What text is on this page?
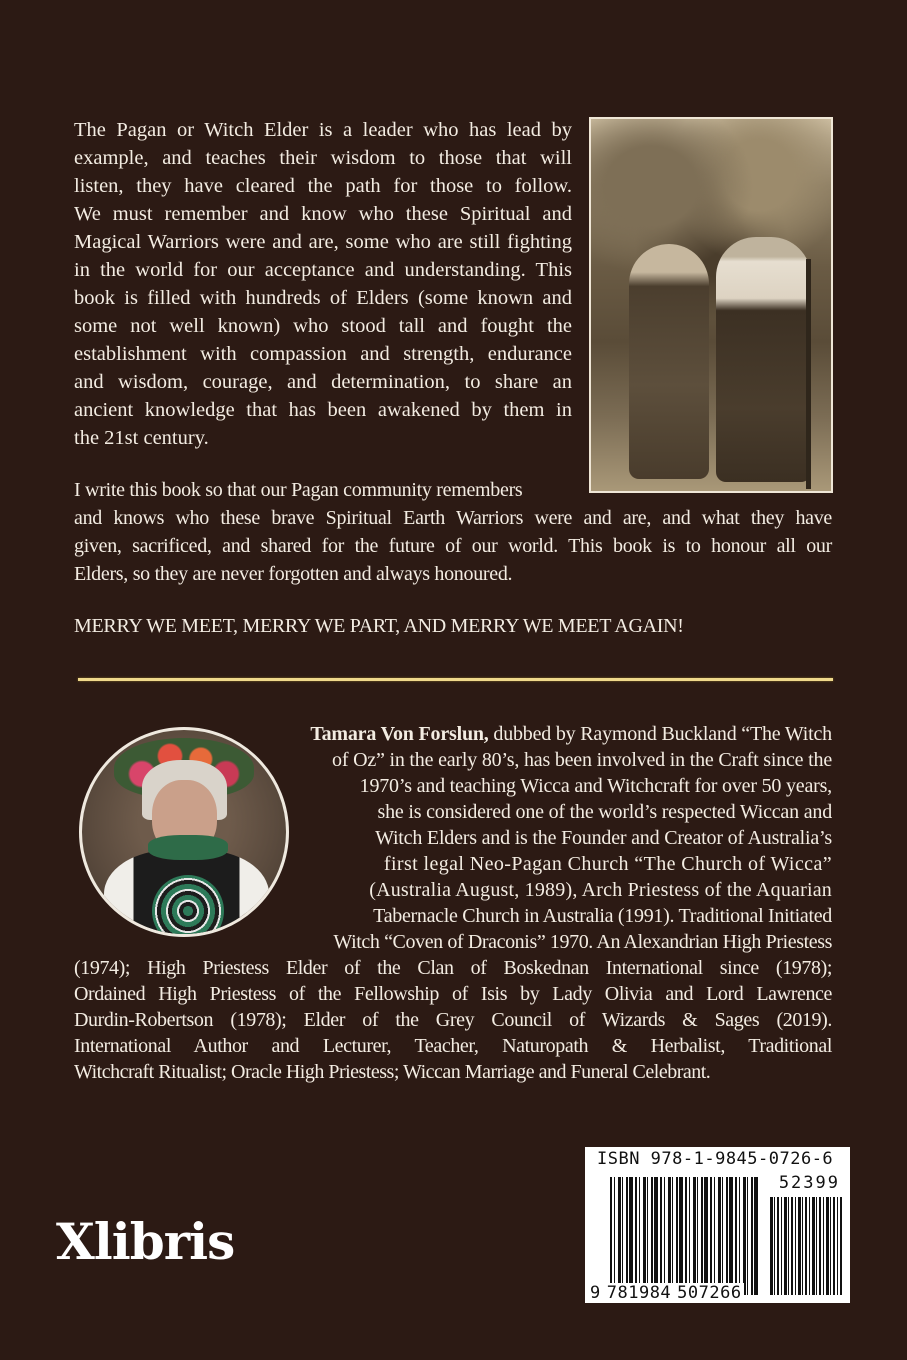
The Pagan or Witch Elder is a leader who has lead by
example, and teaches their wisdom to those that will
listen, they have cleared the path for those to follow.
We must remember and know who these Spiritual and
Magical Warriors were and are, some who are still fighting
in the world for our acceptance and understanding. This
book is filled with hundreds of Elders (some known and
some not well known) who stood tall and fought the
establishment with compassion and strength, endurance
and wisdom, courage, and determination, to share an
ancient knowledge that has been awakened by them in
the 21st century.
I write this book so that our Pagan community remembers
and knows who these brave Spiritual Earth Warriors were and are, and what they have
given, sacrificed, and shared for the future of our world. This book is to honour all our
Elders, so they are never forgotten and always honoured.
MERRY WE MEET, MERRY WE PART, AND MERRY WE MEET AGAIN!
Tamara Von Forslun, dubbed by Raymond Buckland “The Witch
of Oz” in the early 80’s, has been involved in the Craft since the
1970’s and teaching Wicca and Witchcraft for over 50 years,
she is considered one of the world’s respected Wiccan and
Witch Elders and is the Founder and Creator of Australia’s
first legal Neo-Pagan Church “The Church of Wicca”
(Australia August, 1989), Arch Priestess of the Aquarian
Tabernacle Church in Australia (1991). Traditional Initiated
Witch “Coven of Draconis” 1970. An Alexandrian High Priestess
(1974); High Priestess Elder of the Clan of Boskednan International since (1978);
Ordained High Priestess of the Fellowship of Isis by Lady Olivia and Lord Lawrence
Durdin-Robertson (1978); Elder of the Grey Council of Wizards & Sages (2019).
International Author and Lecturer, Teacher, Naturopath & Herbalist, Traditional
Witchcraft Ritualist; Oracle High Priestess; Wiccan Marriage and Funeral Celebrant.
Xlibris
ISBN 978-1-9845-0726-6
52399
9 781984 507266
